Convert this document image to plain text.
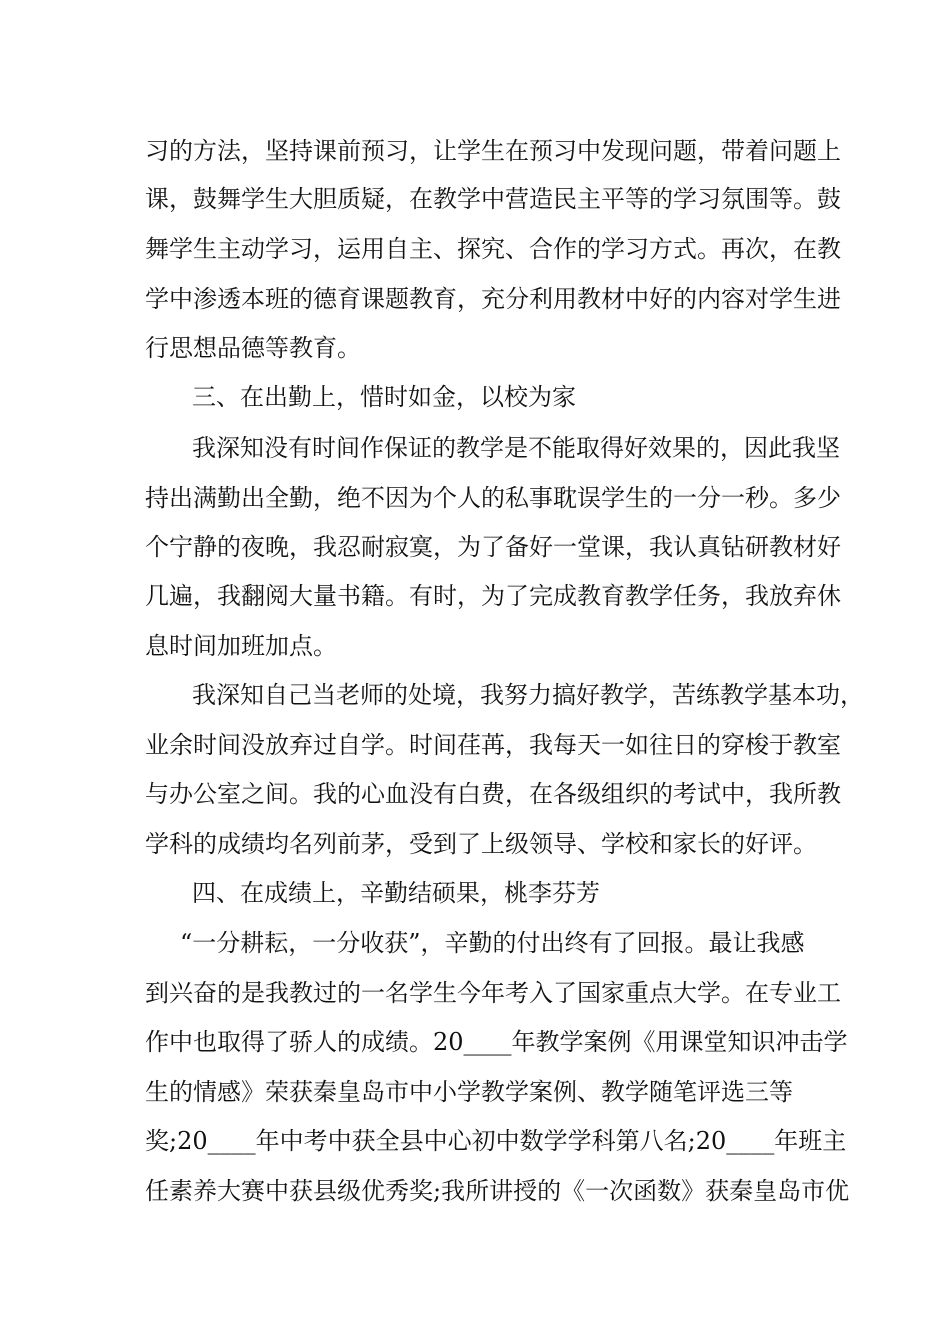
习的方法，坚持课前预习，让学生在预习中发现问题，带着问题上
课，鼓舞学生大胆质疑，在教学中营造民主平等的学习氛围等。鼓
舞学生主动学习，运用自主、探究、合作的学习方式。再次，在教
学中渗透本班的德育课题教育，充分利用教材中好的内容对学生进
行思想品德等教育。
三、在出勤上，惜时如金，以校为家
我深知没有时间作保证的教学是不能取得好效果的，因此我坚
持出满勤出全勤，绝不因为个人的私事耽误学生的一分一秒。多少
个宁静的夜晚，我忍耐寂寞，为了备好一堂课，我认真钻研教材好
几遍，我翻阅大量书籍。有时，为了完成教育教学任务，我放弃休
息时间加班加点。
我深知自己当老师的处境，我努力搞好教学，苦练教学基本功，
业余时间没放弃过自学。时间荏苒，我每天一如往日的穿梭于教室
与办公室之间。我的心血没有白费，在各级组织的考试中，我所教
学科的成绩均名列前茅，受到了上级领导、学校和家长的好评。
四、在成绩上，辛勤结硕果，桃李芬芳
“一分耕耘，一分收获”，辛勤的付出终有了回报。最让我感
到兴奋的是我教过的一名学生今年考入了国家重点大学。在专业工
作中也取得了骄人的成绩。20____年教学案例《用课堂知识冲击学
生的情感》荣获秦皇岛市中小学教学案例、教学随笔评选三等
奖;20____年中考中获全县中心初中数学学科第八名;20____年班主
任素养大赛中获县级优秀奖;我所讲授的《一次函数》获秦皇岛市优
